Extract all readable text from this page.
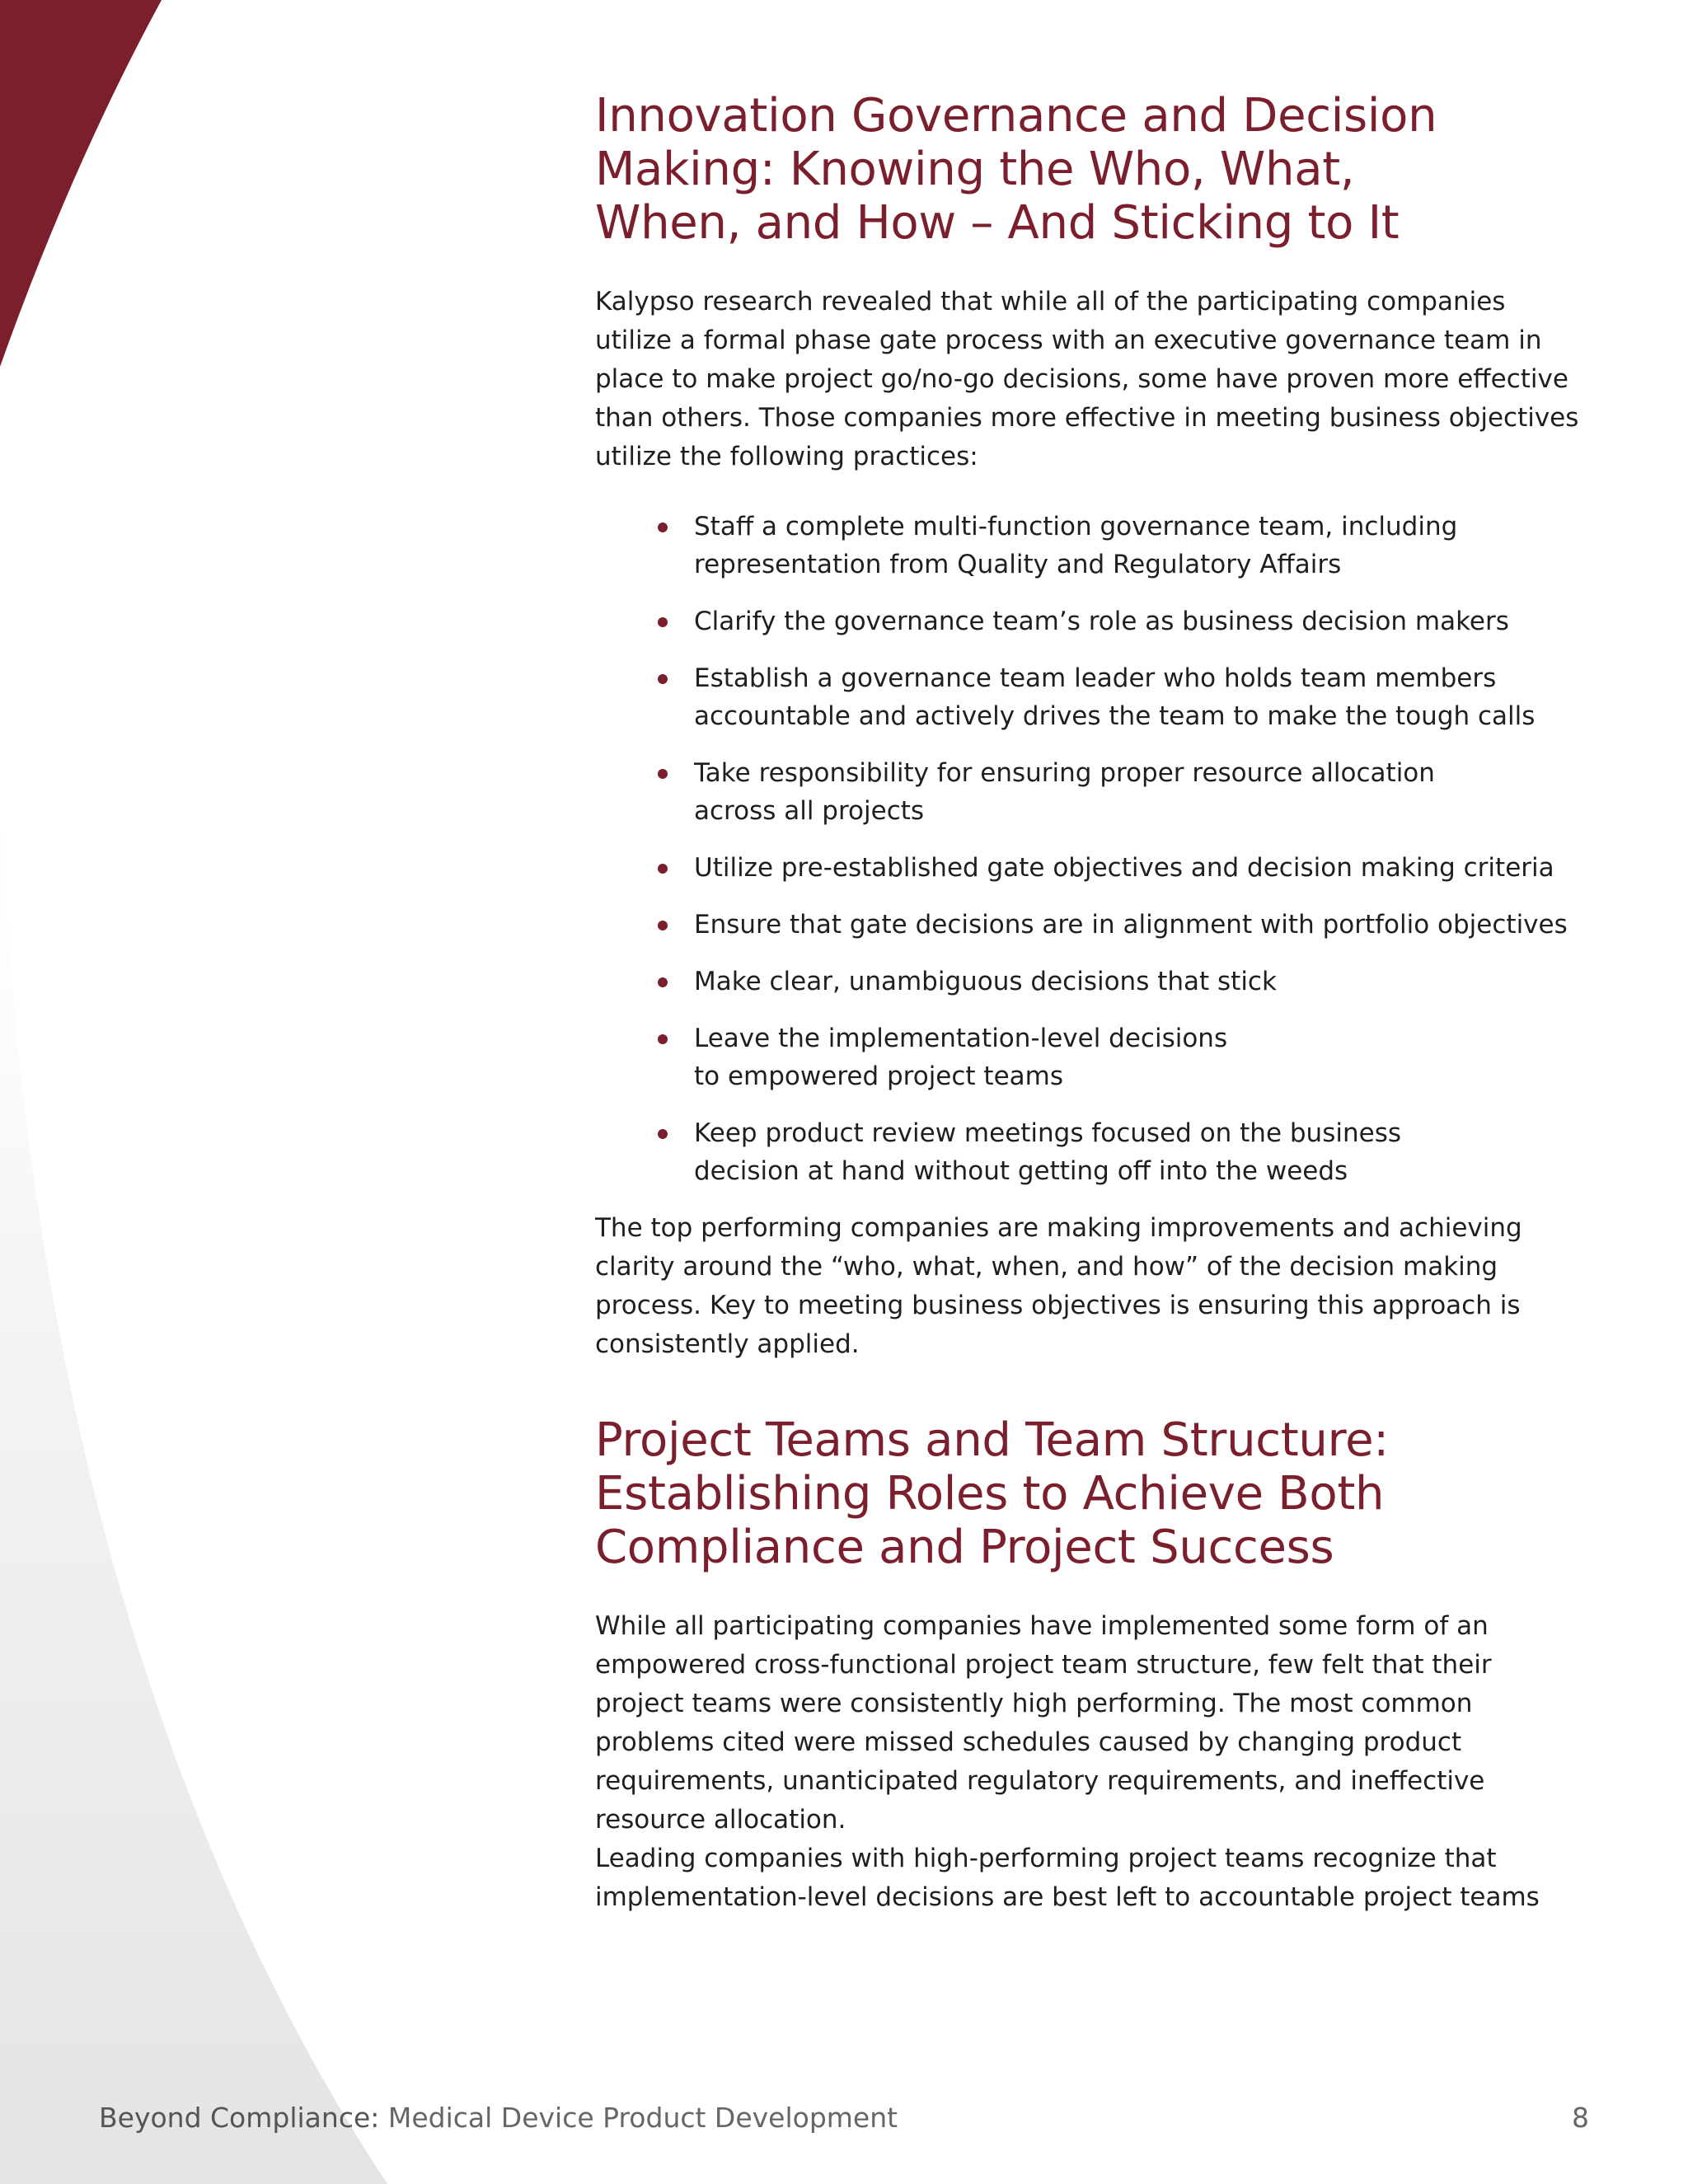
Innovation Governance and Decision
Making: Knowing the Who, What,
When, and How – And Sticking to It

Kalypso research revealed that while all of the participating companies
utilize a formal phase gate process with an executive governance team in
place to make project go/no-go decisions, some have proven more effective
than others. Those companies more effective in meeting business objectives
utilize the following practices:

Staff a complete multi-function governance team, including
representation from Quality and Regulatory Affairs
Clarify the governance team’s role as business decision makers
Establish a governance team leader who holds team members
accountable and actively drives the team to make the tough calls
Take responsibility for ensuring proper resource allocation
across all projects
Utilize pre-established gate objectives and decision making criteria
Ensure that gate decisions are in alignment with portfolio objectives
Make clear, unambiguous decisions that stick
Leave the implementation-level decisions
to empowered project teams
Keep product review meetings focused on the business
decision at hand without getting off into the weeds

The top performing companies are making improvements and achieving
clarity around the “who, what, when, and how” of the decision making
process. Key to meeting business objectives is ensuring this approach is
consistently applied.

Project Teams and Team Structure:
Establishing Roles to Achieve Both
Compliance and Project Success

While all participating companies have implemented some form of an
empowered cross-functional project team structure, few felt that their
project teams were consistently high performing. The most common
problems cited were missed schedules caused by changing product
requirements, unanticipated regulatory requirements, and ineffective
resource allocation.

Leading companies with high-performing project teams recognize that
implementation-level decisions are best left to accountable project teams

Beyond Compliance: Medical Device Product Development	8
